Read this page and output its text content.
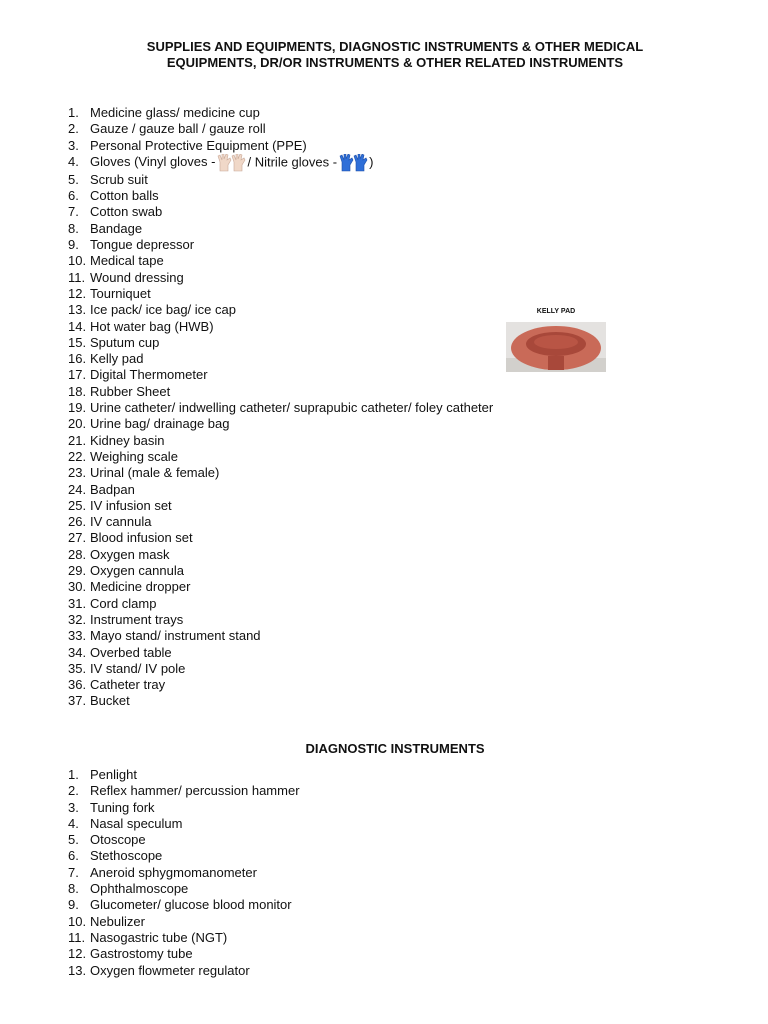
SUPPLIES AND EQUIPMENTS, DIAGNOSTIC INSTRUMENTS & OTHER MEDICAL
EQUIPMENTS, DR/OR INSTRUMENTS & OTHER RELATED INSTRUMENTS
1. Medicine glass/ medicine cup
2. Gauze / gauze ball / gauze roll
3. Personal Protective Equipment (PPE)
4. Gloves (Vinyl gloves -	/ Nitrile gloves - )
5. Scrub suit
6. Cotton balls
7. Cotton swab
8. Bandage
9. Tongue depressor
10. Medical tape
11. Wound dressing
12. Tourniquet
13. Ice pack/ ice bag/ ice cap
14. Hot water bag (HWB)
15. Sputum cup
16. Kelly pad
17. Digital Thermometer
18. Rubber Sheet
19. Urine catheter/ indwelling catheter/ suprapubic catheter/ foley catheter
20. Urine bag/ drainage bag
21. Kidney basin
22. Weighing scale
23. Urinal (male & female)
24. Badpan
25. IV infusion set
26. IV cannula
27. Blood infusion set
28. Oxygen mask
29. Oxygen cannula
30. Medicine dropper
31. Cord clamp
32. Instrument trays
33. Mayo stand/ instrument stand
34. Overbed table
35. IV stand/ IV pole
36. Catheter tray
37. Bucket
KELLY PAD
DIAGNOSTIC INSTRUMENTS
1. Penlight
2. Reflex hammer/ percussion hammer
3. Tuning fork
4. Nasal speculum
5. Otoscope
6. Stethoscope
7. Aneroid sphygmomanometer
8. Ophthalmoscope
9. Glucometer/ glucose blood monitor
10. Nebulizer
11. Nasogastric tube (NGT)
12. Gastrostomy tube
13. Oxygen flowmeter regulator
